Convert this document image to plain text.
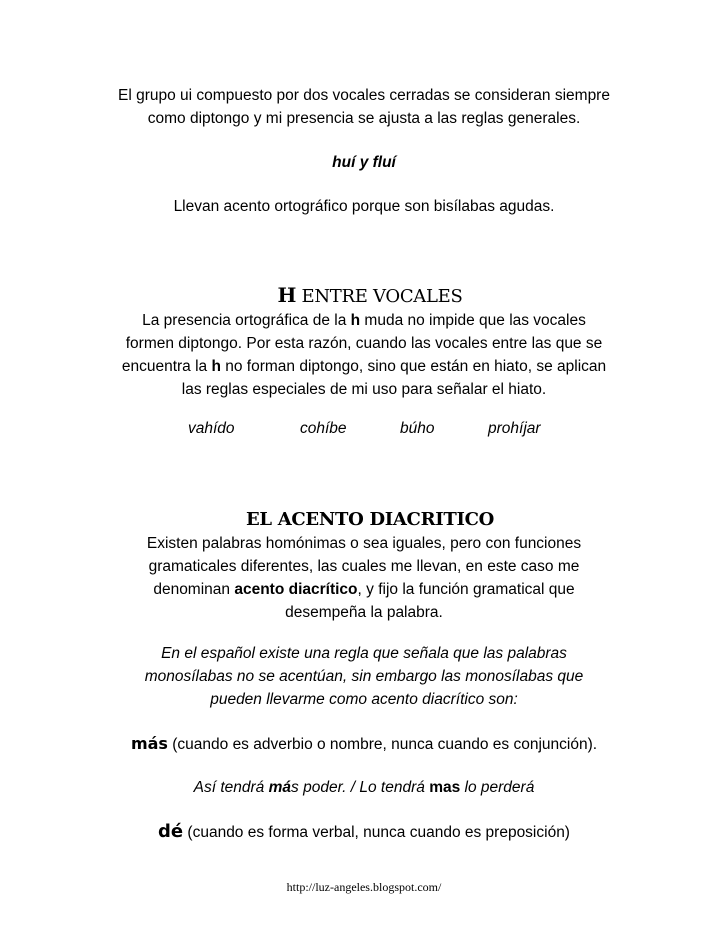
El grupo ui compuesto por dos vocales cerradas se consideran siempre
como diptongo y mi presencia se ajusta a las reglas generales.
huí y fluí
Llevan acento ortográfico porque son bisílabas agudas.
H ENTRE VOCALES
La presencia ortográfica de la h muda no impide que las vocales
formen diptongo. Por esta razón, cuando las vocales entre las que se
encuentra la h no forman diptongo, sino que están en hiato, se aplican
las reglas especiales de mi uso para señalar el hiato.
vahído	cohíbe	búho	prohíjar
EL ACENTO DIACRITICO
Existen palabras homónimas o sea iguales, pero con funciones
gramaticales diferentes, las cuales me llevan, en este caso me
denominan acento diacrítico, y fijo la función gramatical que
desempeña la palabra.
En el español existe una regla que señala que las palabras
monosílabas no se acentúan, sin embargo las monosílabas que
pueden llevarme como acento diacrítico son:
más (cuando es adverbio o nombre, nunca cuando es conjunción).
Así tendrá más poder. / Lo tendrá mas lo perderá
dé (cuando es forma verbal, nunca cuando es preposición)
http://luz-angeles.blogspot.com/
